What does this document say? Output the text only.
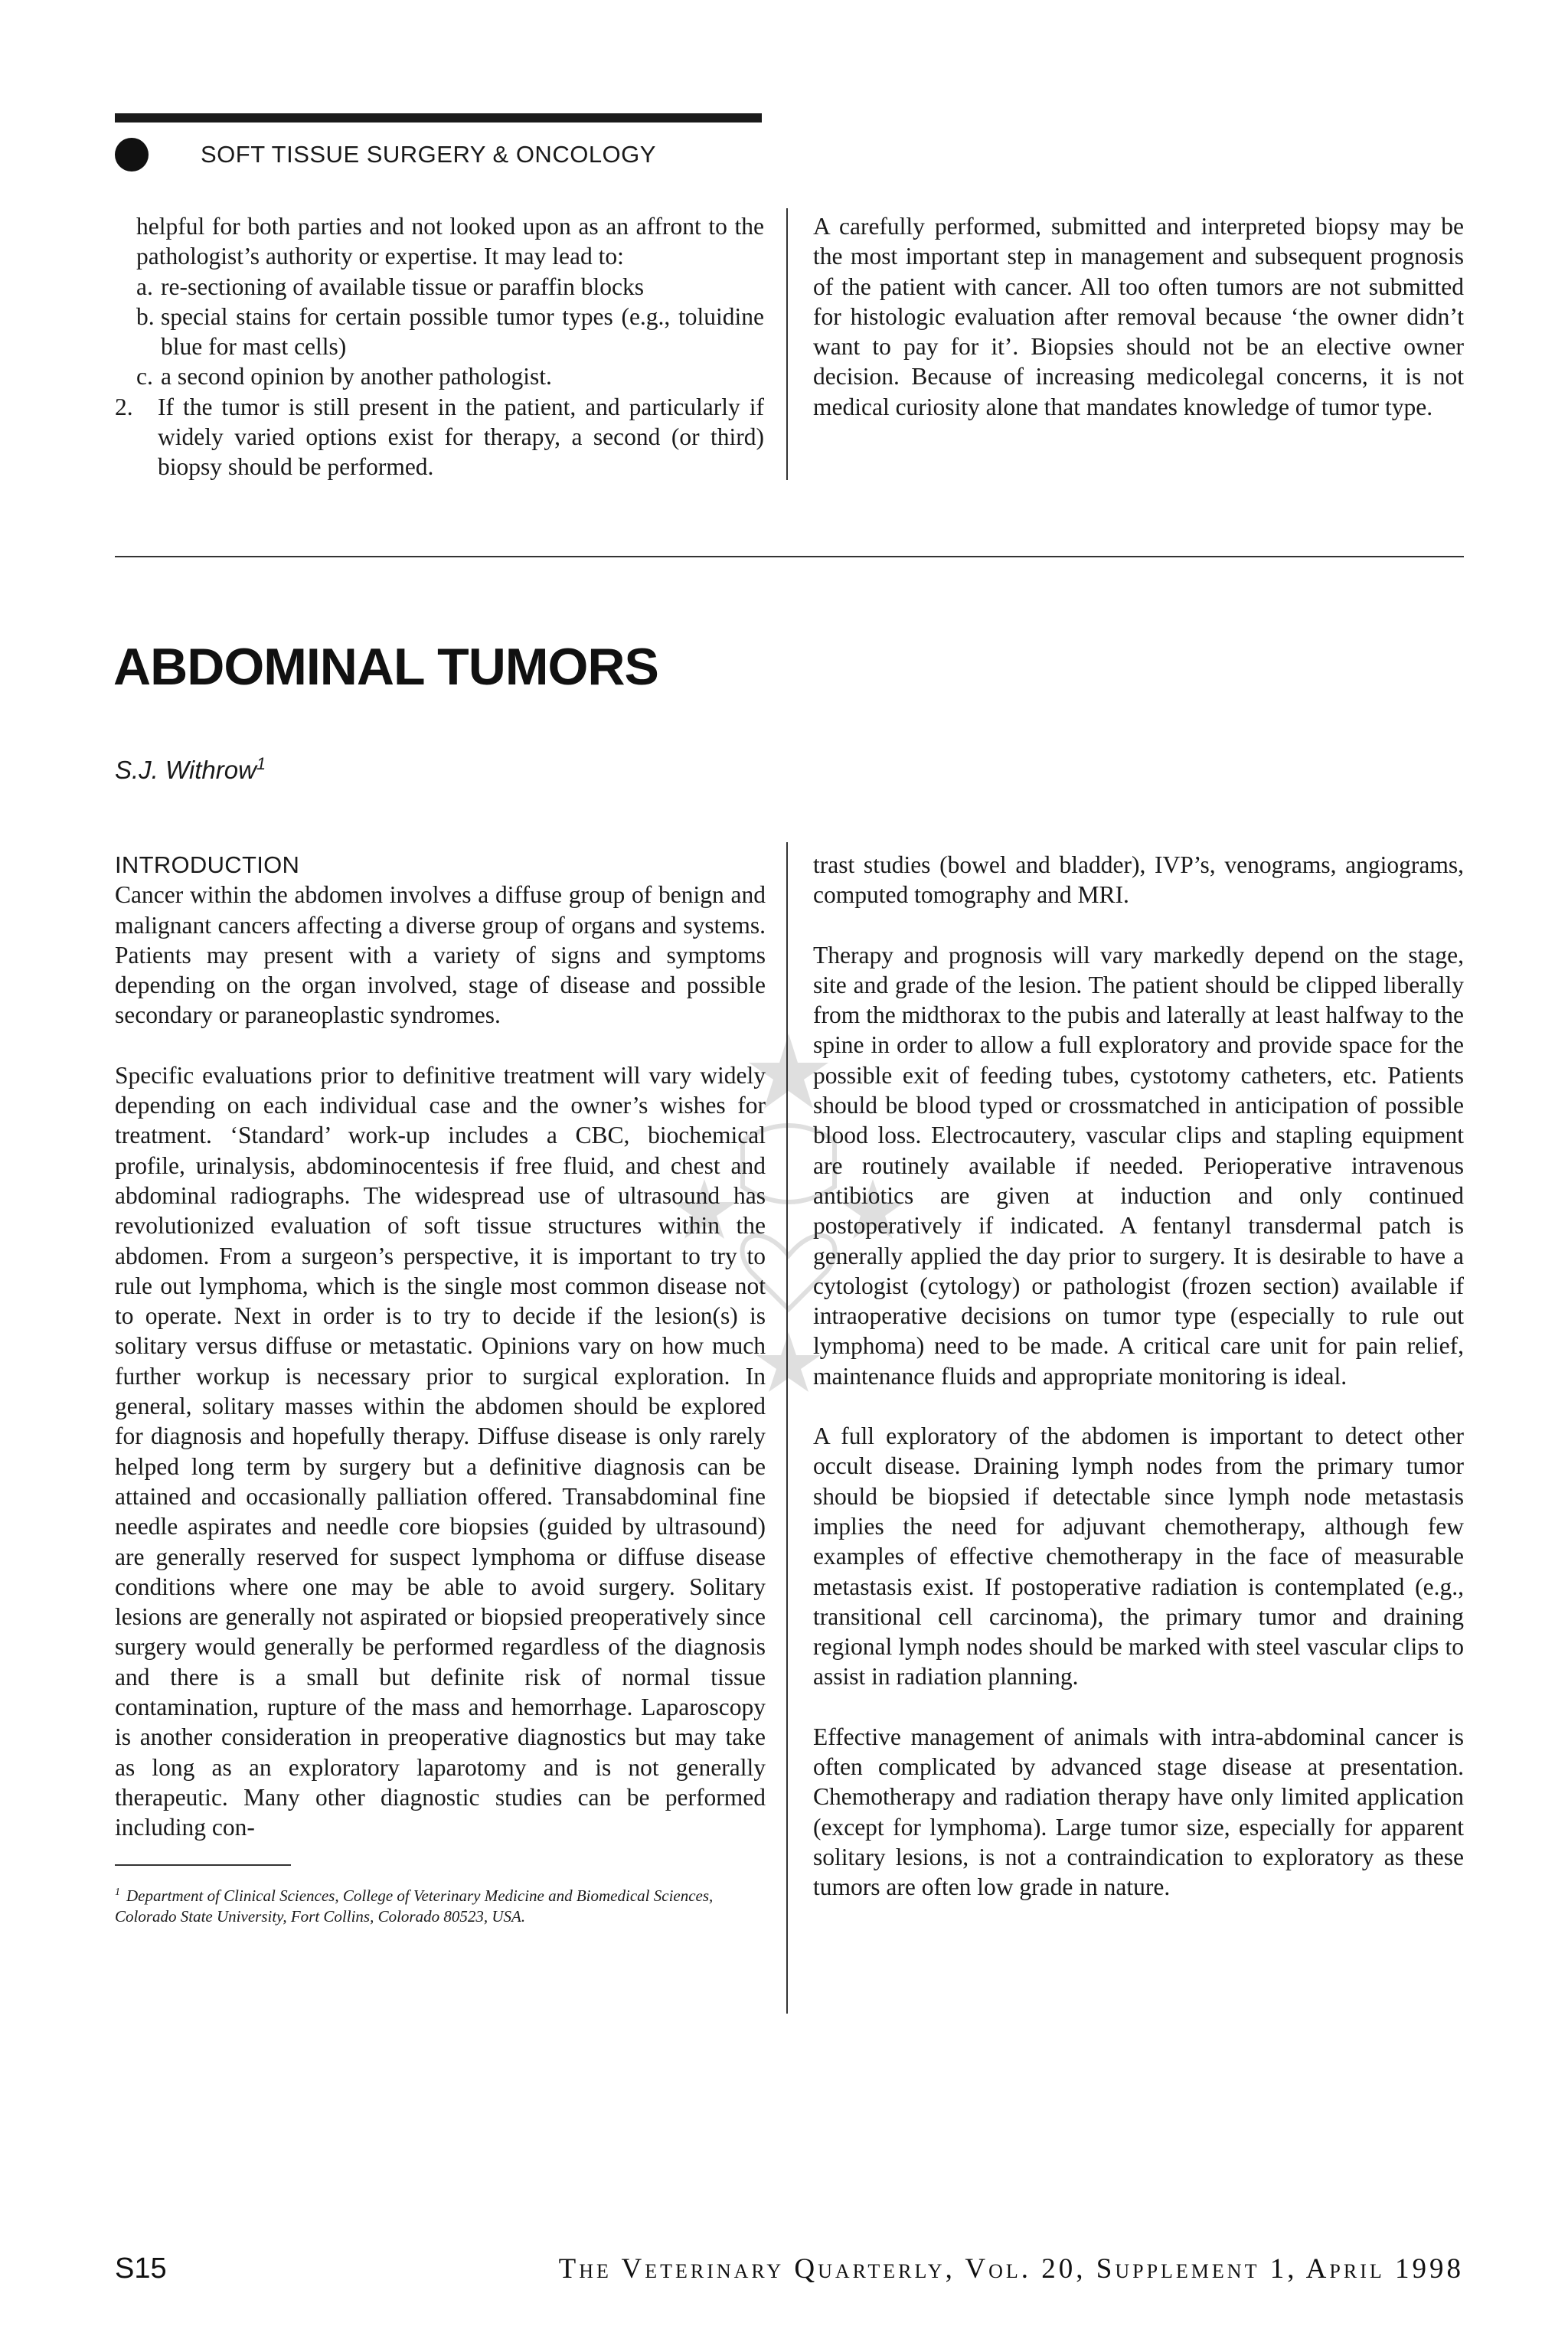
SOFT TISSUE SURGERY & ONCOLOGY

helpful for both parties and not looked upon as an affront to the pathologist’s authority or expertise. It may lead to:

a. re-sectioning of available tissue or paraffin blocks

b. special stains for certain possible tumor types (e.g., toluidine blue for mast cells)

c. a second opinion by another pathologist.

2. If the tumor is still present in the patient, and particularly if widely varied options exist for therapy, a second (or third) biopsy should be performed.

A carefully performed, submitted and interpreted biopsy may be the most important step in management and subsequent prognosis of the patient with cancer. All too often tumors are not submitted for histologic evaluation after removal because ‘the owner didn’t want to pay for it’. Biopsies should not be an elective owner decision. Because of increasing medicolegal concerns, it is not medical curiosity alone that mandates knowledge of tumor type.

ABDOMINAL TUMORS
S.J. Withrow$^1$

INTRODUCTION

Cancer within the abdomen involves a diffuse group of benign and malignant cancers affecting a diverse group of organs and systems. Patients may present with a variety of signs and symptoms depending on the organ involved, stage of disease and possible secondary or paraneoplastic syndromes.

Specific evaluations prior to definitive treatment will vary widely depending on each individual case and the owner’s wishes for treatment. ‘Standard’ work-up includes a CBC, biochemical profile, urinalysis, abdominocentesis if free fluid, and chest and abdominal radiographs. The widespread use of ultrasound has revolutionized evaluation of soft tissue structures within the abdomen. From a surgeon’s perspective, it is important to try to rule out lymphoma, which is the single most common disease not to operate. Next in order is to try to decide if the lesion(s) is solitary versus diffuse or metastatic. Opinions vary on how much further workup is necessary prior to surgical exploration. In general, solitary masses within the abdomen should be explored for diagnosis and hopefully therapy. Diffuse disease is only rarely helped long term by surgery but a definitive diagnosis can be attained and occasionally palliation offered. Transabdominal fine needle aspirates and needle core biopsies (guided by ultrasound) are generally reserved for suspect lymphoma or diffuse disease conditions where one may be able to avoid surgery. Solitary lesions are generally not aspirated or biopsied preoperatively since surgery would generally be performed regardless of the diagnosis and there is a small but definite risk of normal tissue contamination, rupture of the mass and hemorrhage. Laparoscopy is another consideration in preoperative diagnostics but may take as long as an exploratory laparotomy and is not generally therapeutic. Many other diagnostic studies can be performed including con-

trast studies (bowel and bladder), IVP’s, venograms, angiograms, computed tomography and MRI.

Therapy and prognosis will vary markedly depend on the stage, site and grade of the lesion. The patient should be clipped liberally from the midthorax to the pubis and laterally at least halfway to the spine in order to allow a full exploratory and provide space for the possible exit of feeding tubes, cystotomy catheters, etc. Patients should be blood typed or crossmatched in anticipation of possible blood loss. Electrocautery, vascular clips and stapling equipment are routinely available if needed. Perioperative intravenous antibiotics are given at induction and only continued postoperatively if indicated. A fentanyl transdermal patch is generally applied the day prior to surgery. It is desirable to have a cytologist (cytology) or pathologist (frozen section) available if intraoperative decisions on tumor type (especially to rule out lymphoma) need to be made. A critical care unit for pain relief, maintenance fluids and appropriate monitoring is ideal.

A full exploratory of the abdomen is important to detect other occult disease. Draining lymph nodes from the primary tumor should be biopsied if detectable since lymph node metastasis implies the need for adjuvant chemotherapy, although few examples of effective chemotherapy in the face of measurable metastasis exist. If postoperative radiation is contemplated (e.g., transitional cell carcinoma), the primary tumor and draining regional lymph nodes should be marked with steel vascular clips to assist in radiation planning.

Effective management of animals with intra-abdominal cancer is often complicated by advanced stage disease at presentation. Chemotherapy and radiation therapy have only limited application (except for lymphoma). Large tumor size, especially for apparent solitary lesions, is not a contraindication to exploratory as these tumors are often low grade in nature.

$^1$ Department of Clinical Sciences, College of Veterinary Medicine and Biomedical Sciences, Colorado State University, Fort Collins, Colorado 80523, USA.

S15	The Veterinary Quarterly, Vol. 20, Supplement 1, April 1998
